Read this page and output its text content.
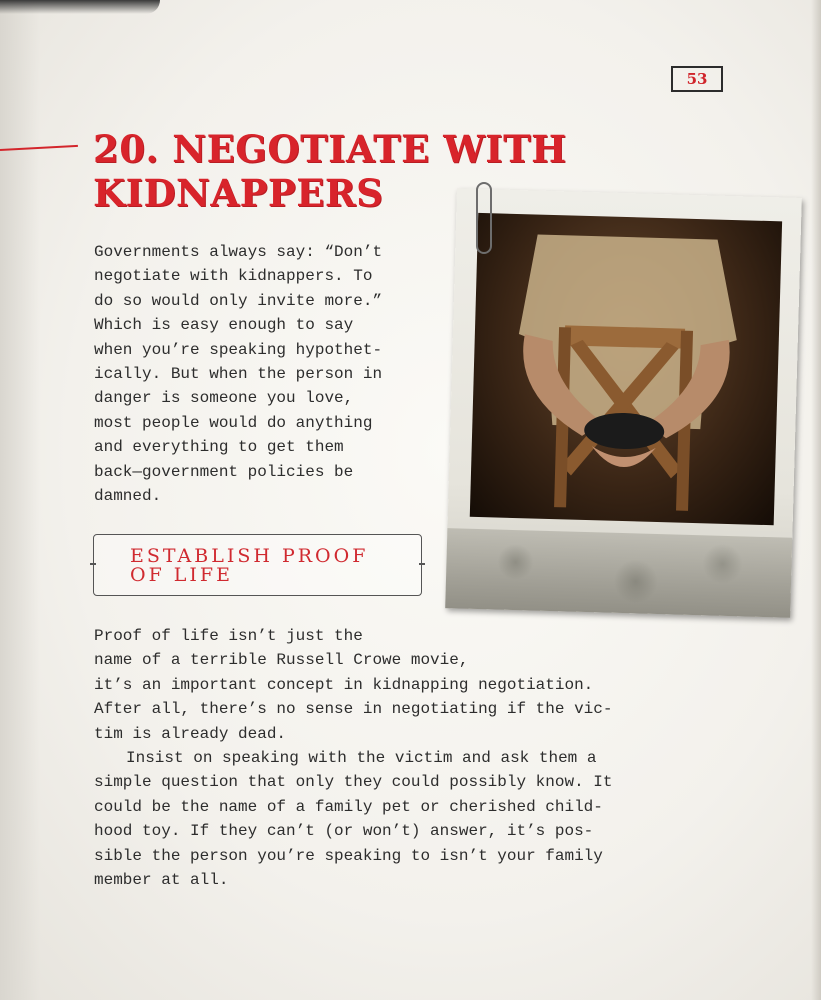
53
20. NEGOTIATE WITH KIDNAPPERS
Governments always say: “Don’t
negotiate with kidnappers. To
do so would only invite more.”
Which is easy enough to say
when you’re speaking hypothet-
ically. But when the person in
danger is someone you love,
most people would do anything
and everything to get them
back—government policies be
damned.
ESTABLISH PROOF
OF LIFE

Proof of life isn’t just the
name of a terrible Russell Crowe movie,
it’s an important concept in kidnapping negotiation.
After all, there’s no sense in negotiating if the vic-
tim is already dead.

Insist on speaking with the victim and ask them a
simple question that only they could possibly know. It
could be the name of a family pet or cherished child-
hood toy. If they can’t (or won’t) answer, it’s pos-
sible the person you’re speaking to isn’t your family
member at all.
